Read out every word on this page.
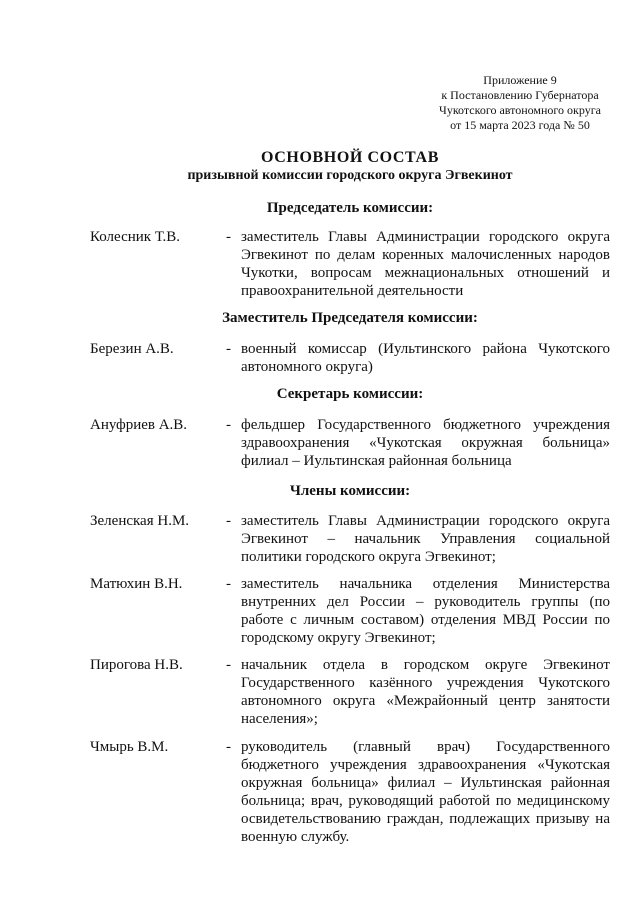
Приложение 9
к Постановлению Губернатора
Чукотского автономного округа
от 15 марта 2023 года № 50
ОСНОВНОЙ СОСТАВ
призывной комиссии городского округа Эгвекинот
Председатель комиссии:
Колесник Т.В.	- заместитель Главы Администрации городского округа Эгвекинот по делам коренных малочисленных народов Чукотки, вопросам межнациональных отношений и правоохранительной деятельности
Заместитель Председателя комиссии:
Березин А.В.	- военный комиссар (Иультинского района Чукотского автономного округа)
Секретарь комиссии:
Ануфриев А.В.	- фельдшер Государственного бюджетного учреждения здравоохранения «Чукотская окружная больница» филиал – Иультинская районная больница
Члены комиссии:
Зеленская Н.М. - заместитель Главы Администрации городского округа Эгвекинот – начальник Управления социальной политики городского округа Эгвекинот;
Матюхин В.Н.	- заместитель начальника отделения Министерства внутренних дел России – руководитель группы (по работе с личным составом) отделения МВД России по городскому округу Эгвекинот;
Пирогова Н.В.	- начальник отдела в городском округе Эгвекинот Государственного казённого учреждения Чукотского автономного округа «Межрайонный центр занятости населения»;
Чмырь В.М.	- руководитель (главный врач) Государственного бюджетного учреждения здравоохранения «Чукотская окружная больница» филиал – Иультинская районная больница; врач, руководящий работой по медицинскому освидетельствованию граждан, подлежащих призыву на военную службу.
